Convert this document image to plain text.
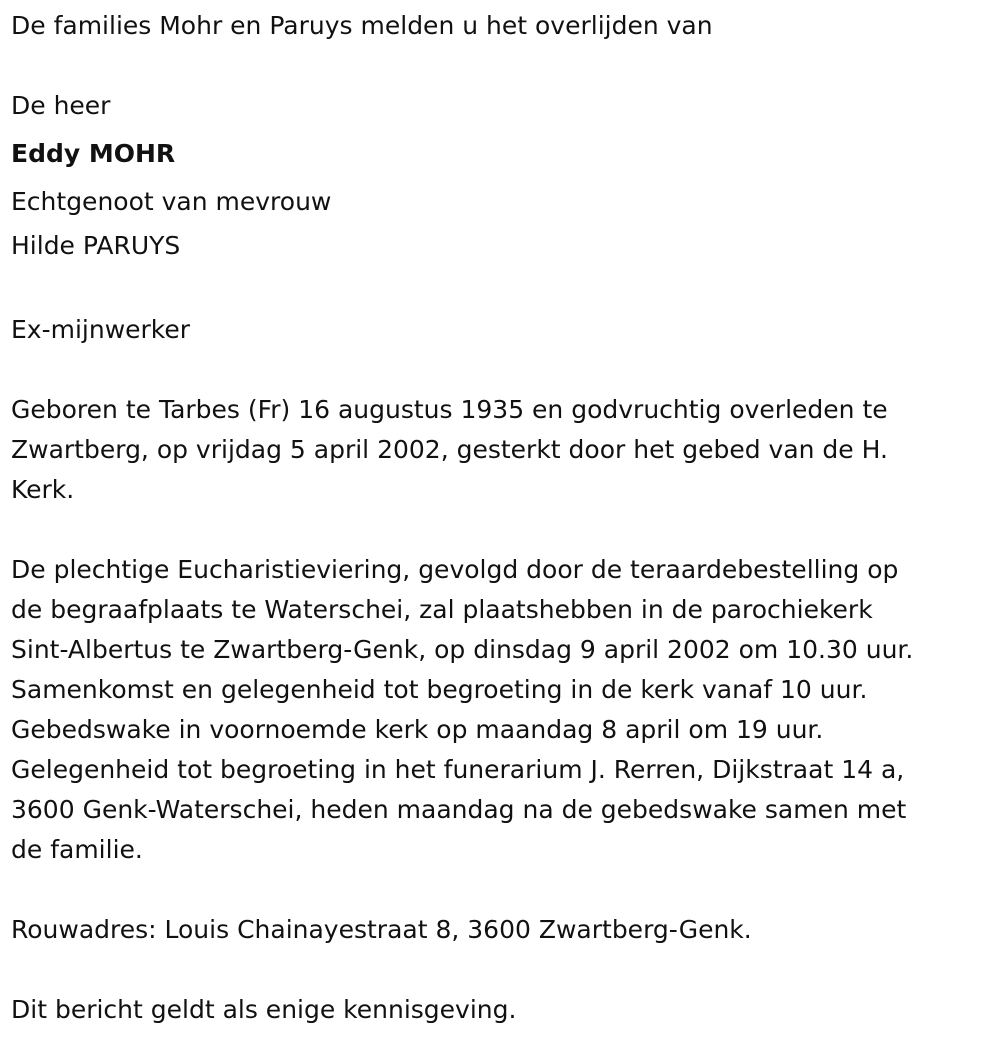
De families Mohr en Paruys melden u het overlijden van
De heer
Eddy MOHR
Echtgenoot van mevrouw
Hilde PARUYS
Ex-mijnwerker
Geboren te Tarbes (Fr) 16 augustus 1935 en godvruchtig overleden te
Zwartberg, op vrijdag 5 april 2002, gesterkt door het gebed van de H.
Kerk.
De plechtige Eucharistieviering, gevolgd door de teraardebestelling op
de begraafplaats te Waterschei, zal plaatshebben in de parochiekerk
Sint-Albertus te Zwartberg-Genk, op dinsdag 9 april 2002 om 10.30 uur.
Samenkomst en gelegenheid tot begroeting in de kerk vanaf 10 uur.
Gebedswake in voornoemde kerk op maandag 8 april om 19 uur.
Gelegenheid tot begroeting in het funerarium J. Rerren, Dijkstraat 14 a,
3600 Genk-Waterschei, heden maandag na de gebedswake samen met
de familie.
Rouwadres: Louis Chainayestraat 8, 3600 Zwartberg-Genk.
Dit bericht geldt als enige kennisgeving.
